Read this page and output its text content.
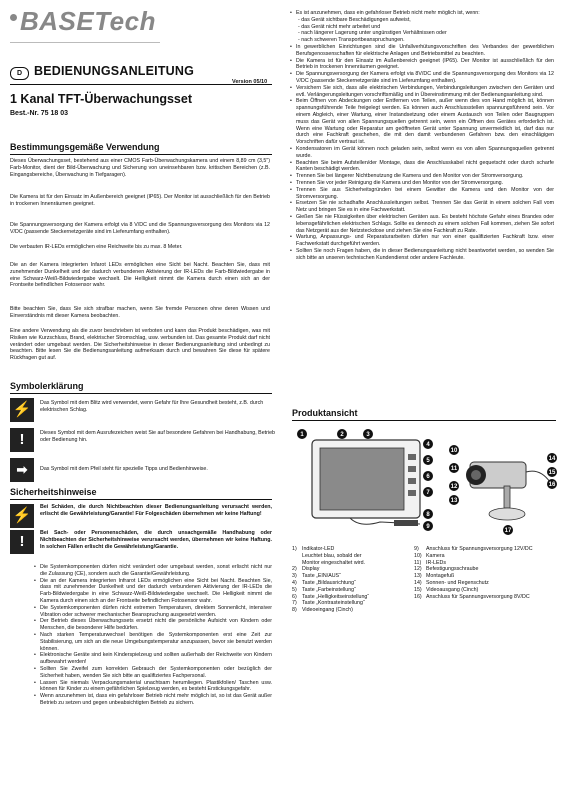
BASETech
D BEDIENUNGSANLEITUNG
Version 05/10
1 Kanal TFT-Überwachungsset
Best.-Nr. 75 18 03
Bestimmungsgemäße Verwendung
Dieses Überwachungsset, bestehend aus einer CMOS Farb-Überwachungskamera und einem 8,89 cm (3,5") Farb-Monitor, dient der Bild-Überwachung und Sicherung von uneinsehbaren bzw. kritischen Bereichen (z.B. Eingangsbereiche, Überwachung in Tiefgaragen).
Die Kamera ist für den Einsatz im Außenbereich geeignet (IP65). Der Monitor ist ausschließlich für den Betrieb in trockenen Innenräumen geeignet.
Die Spannungsversorgung der Kamera erfolgt via 8 V/DC und die Spannungsversorgung des Monitors via 12 V/DC (passende Steckernetzgeräte sind im Lieferumfang enthalten).
Die verbauten IR-LEDs ermöglichen eine Reichweite bis zu max. 8 Meter.
Die an der Kamera integrierten Infarot LEDs ermöglichen eine Sicht bei Nacht. Beachten Sie, dass mit zunehmender Dunkelheit und der dadurch verbundenen Aktivierung der IR-LEDs die Farb-Bildwiedergabe in eine Schwarz-Weiß-Bildwiedergabe wechselt. Die Helligkeit nimmt die Kamera durch einen sich an der Frontseite befindlichen Fotosensor wahr.
Bitte beachten Sie, dass Sie sich strafbar machen, wenn Sie fremde Personen ohne deren Wissen und Einverständnis mit dieser Kamera beobachten.
Eine andere Verwendung als die zuvor beschrieben ist verboten und kann das Produkt beschädigen, was mit Risiken wie Kurzschluss, Brand, elektrischer Stromschlag, usw. verbunden ist. Das gesamte Produkt darf nicht verändert oder umgebaut werden. Die Sicherheitshinweise in dieser Bedienungsanleitung sind unbedingt zu beachten. Bitte lesen Sie die Bedienungsanleitung aufmerksam durch und bewahren Sie diese für spätere Rückfragen gut auf.
Symbolerklärung
⚡	Das Symbol mit dem Blitz wird verwendet, wenn Gefahr für Ihre Gesundheit besteht, z.B. durch elektrischen Schlag.
!	Dieses Symbol mit dem Ausrufezeichen weist Sie auf besondere Gefahren bei Handhabung, Betrieb oder Bedienung hin.
➡	Das Symbol mit dem Pfeil steht für spezielle Tipps und Bedienhinweise.
Sicherheitshinweise
⚡	Bei Schäden, die durch Nichtbeachten dieser Bedienungsanleitung verursacht werden, erlischt die Gewährleistung/Garantie! Für Folgeschäden übernehmen wir keine Haftung!
!	Bei Sach- oder Personenschäden, die durch unsachgemäße Handhabung oder Nichtbeachten der Sicherheitshinweise verursacht werden, übernehmen wir keine Haftung. In solchen Fällen erlischt die Gewährleistung/Garantie.
• Die Systemkomponenten dürfen nicht verändert oder umgebaut werden, sonst erlischt nicht nur die Zulassung (CE), sondern auch die Garantie/Gewährleistung.
• Die an der Kamera integrierten Infrarot LEDs ermöglichen eine Sicht bei Nacht. Beachten Sie, dass mit zunehmender Dunkelheit und der dadurch verbundenen Aktivierung der IR-LEDs die Farb-Bildwiedergabe in eine Schwarz-Weiß-Bildwiedergabe wechselt. Die Helligkeit nimmt die Kamera durch einen sich an der Frontseite befindlichen Fotosensor wahr.
• Die Systemkomponenten dürfen nicht extremen Temperaturen, direktem Sonnenlicht, intensiver Vibration oder schwerer mechanischer Beanspruchung ausgesetzt werden.
• Der Betrieb dieses Überwachungssets ersetzt nicht die persönliche Aufsicht von Kindern oder Menschen, die besonderer Hilfe bedürfen.
• Nach starken Temperaturwechsel benötigen die Systemkomponenten erst eine Zeit zur Stabilisierung, um sich an die neue Umgebungstemperatur anzupassen, bevor sie benutzt werden können.
• Elektronische Geräte sind kein Kinderspielzeug und sollten außerhalb der Reichweite von Kindern aufbewahrt werden!
• Sollten Sie Zweifel zum korrekten Gebrauch der Systemkomponenten oder bezüglich der Sicherheit haben, wenden Sie sich bitte an qualifiziertes Fachpersonal.
• Lassen Sie niemals Verpackungsmaterial unachtsam herumliegen. Plastikfolien/ Taschen usw. können für Kinder zu einem gefährlichen Spielzeug werden, es besteht Erstickungsgefahr.
• Wenn anzunehmen ist, dass ein gefahrloser Betrieb nicht mehr möglich ist, so ist das Gerät außer Betrieb zu setzen und gegen unbeabsichtigten Betrieb zu sichern.
• Es ist anzunehmen, dass ein gefahrloser Betrieb nicht mehr möglich ist, wenn:
- das Gerät sichtbare Beschädigungen aufweist,
- das Gerät nicht mehr arbeitet und
- nach längerer Lagerung unter ungünstigen Verhältnissen oder
- nach schweren Transportbeanspruchungen.
• In gewerblichen Einrichtungen sind die Unfallverhütungsvorschriften des Verbandes der gewerblichen Berufsgenossenschaften für elektrische Anlagen und Betriebsmittel zu beachten.
• Die Kamera ist für den Einsatz im Außenbereich geeignet (IP65). Der Monitor ist ausschließlich für den Betrieb in trockenen Innenräumen geeignet.
• Die Spannungsversorgung der Kamera erfolgt via 8V/DC und die Spannungsversorgung des Monitors via 12 V/DC (passende Steckernetzgeräte sind im Lieferumfang enthalten).
• Versichern Sie sich, dass alle elektrischen Verbindungen, Verbindungsleitungen zwischen den Geräten und evtl. Verlängerungsleitungen vorschriftsmäßig und in Übereinstimmung mit der Bedienungsanleitung sind.
• Beim Öffnen von Abdeckungen oder Entfernen von Teilen, außer wenn dies von Hand möglich ist, können spannungsführende Teile freigelegt werden. Es können auch Anschlussstellen spannungsführend sein. Vor einem Abgleich, einer Wartung, einer Instandsetzung oder einem Austausch von Teilen oder Baugruppen muss das Gerät von allen Spannungsquellen getrennt sein, wenn ein Öffnen des Gerätes erforderlich ist. Wenn eine Wartung oder Reparatur am geöffneten Gerät unter Spannung unvermeidlich ist, darf das nur durch eine Fachkraft geschehen, die mit den damit verbundenen Gefahren bzw. den einschlägigen Vorschriften dafür vertraut ist.
• Kondensatoren im Gerät können noch geladen sein, selbst wenn es von allen Spannungsquellen getrennt wurde.
• Beachten Sie beim Aufstellen/der Montage, dass die Anschlusskabel nicht gequetscht oder durch scharfe Kanten beschädigt werden.
• Trennen Sie bei längerer Nichtbenutzung die Kamera und den Monitor von der Stromversorgung.
• Trennen Sie vor jeder Reinigung die Kamera und den Monitor von der Stromversorgung.
• Trennen Sie aus Sicherheitsgründen bei einem Gewitter die Kamera und den Monitor von der Stromversorgung.
• Ersetzen Sie nie schadhafte Anschlussleitungen selbst. Trennen Sie das Gerät in einem solchen Fall vom Netz und bringen Sie es in eine Fachwerkstatt.
• Gießen Sie nie Flüssigkeiten über elektrischen Geräten aus. Es besteht höchste Gefahr eines Brandes oder lebensgefährlichen elektrischen Schlags. Sollte es dennoch zu einem solchen Fall kommen, ziehen Sie sofort das Netzgerät aus der Netzsteckdose und ziehen Sie eine Fachkraft zu Rate.
• Wartung, Anpassungs- und Reparaturarbeiten dürfen nur von einer qualifizierten Fachkraft bzw. einer Fachwerkstatt durchgeführt werden.
• Sollten Sie noch Fragen haben, die in dieser Bedienungsanleitung nicht beantwortet werden, so wenden Sie sich bitte an unseren technischen Kundendienst oder andere Fachleute.
Produktansicht
1	2	3
4
5
6
7
8
9
10
11
12
13
14
15
16
17
1) Indikator-LED
Leuchtet blau, sobald der
Monitor eingeschaltet wird.
2) Display
3) Taste „EIN/AUS“
4) Taste „Bildausrichtung“
5) Taste „Farbeinstellung“
6) Taste „Helligkeitseinstellung“
7) Taste „Kontrasteinstellung“
8) Videoeingang (Cinch)
9) Anschluss für Spannungsversorgung 12V/DC
10) Kamera
11) IR-LEDs
12) Befestigungsschraube
13) Montagefuß
14) Sonnen- und Regenschutz
15) Videoausgang (Cinch)
16) Anschluss für Spannungsversorgung 8V/DC
